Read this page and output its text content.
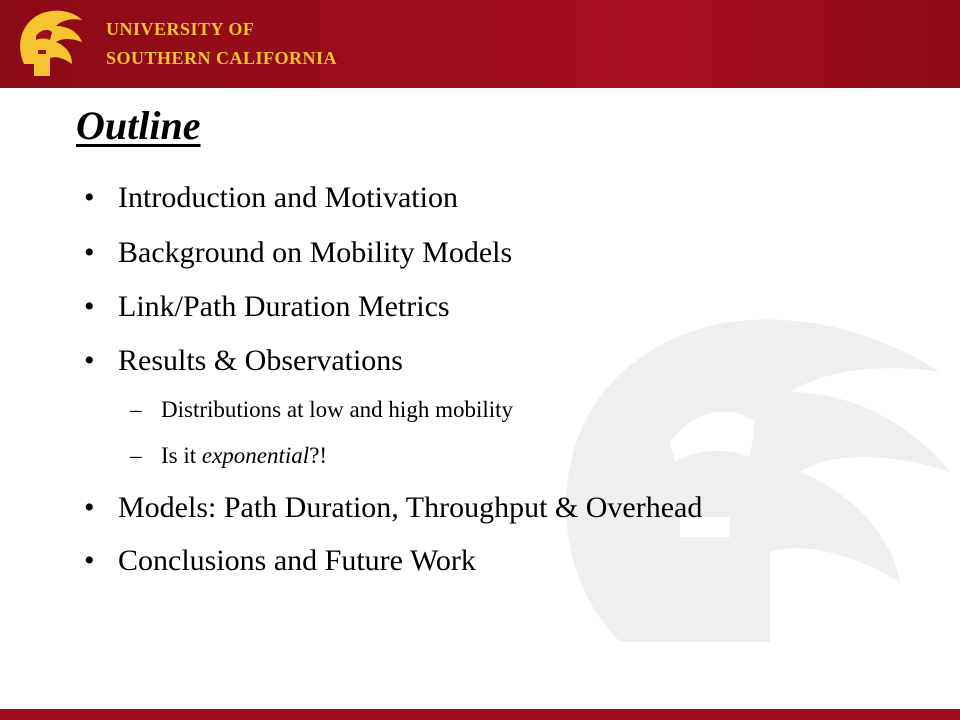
UNIVERSITY OF
SOUTHERN CALIFORNIA
Outline
• Introduction and Motivation
• Background on Mobility Models
• Link/Path Duration Metrics
• Results & Observations
– Distributions at low and high mobility
– Is it exponential?!
• Models: Path Duration, Throughput & Overhead
• Conclusions and Future Work
